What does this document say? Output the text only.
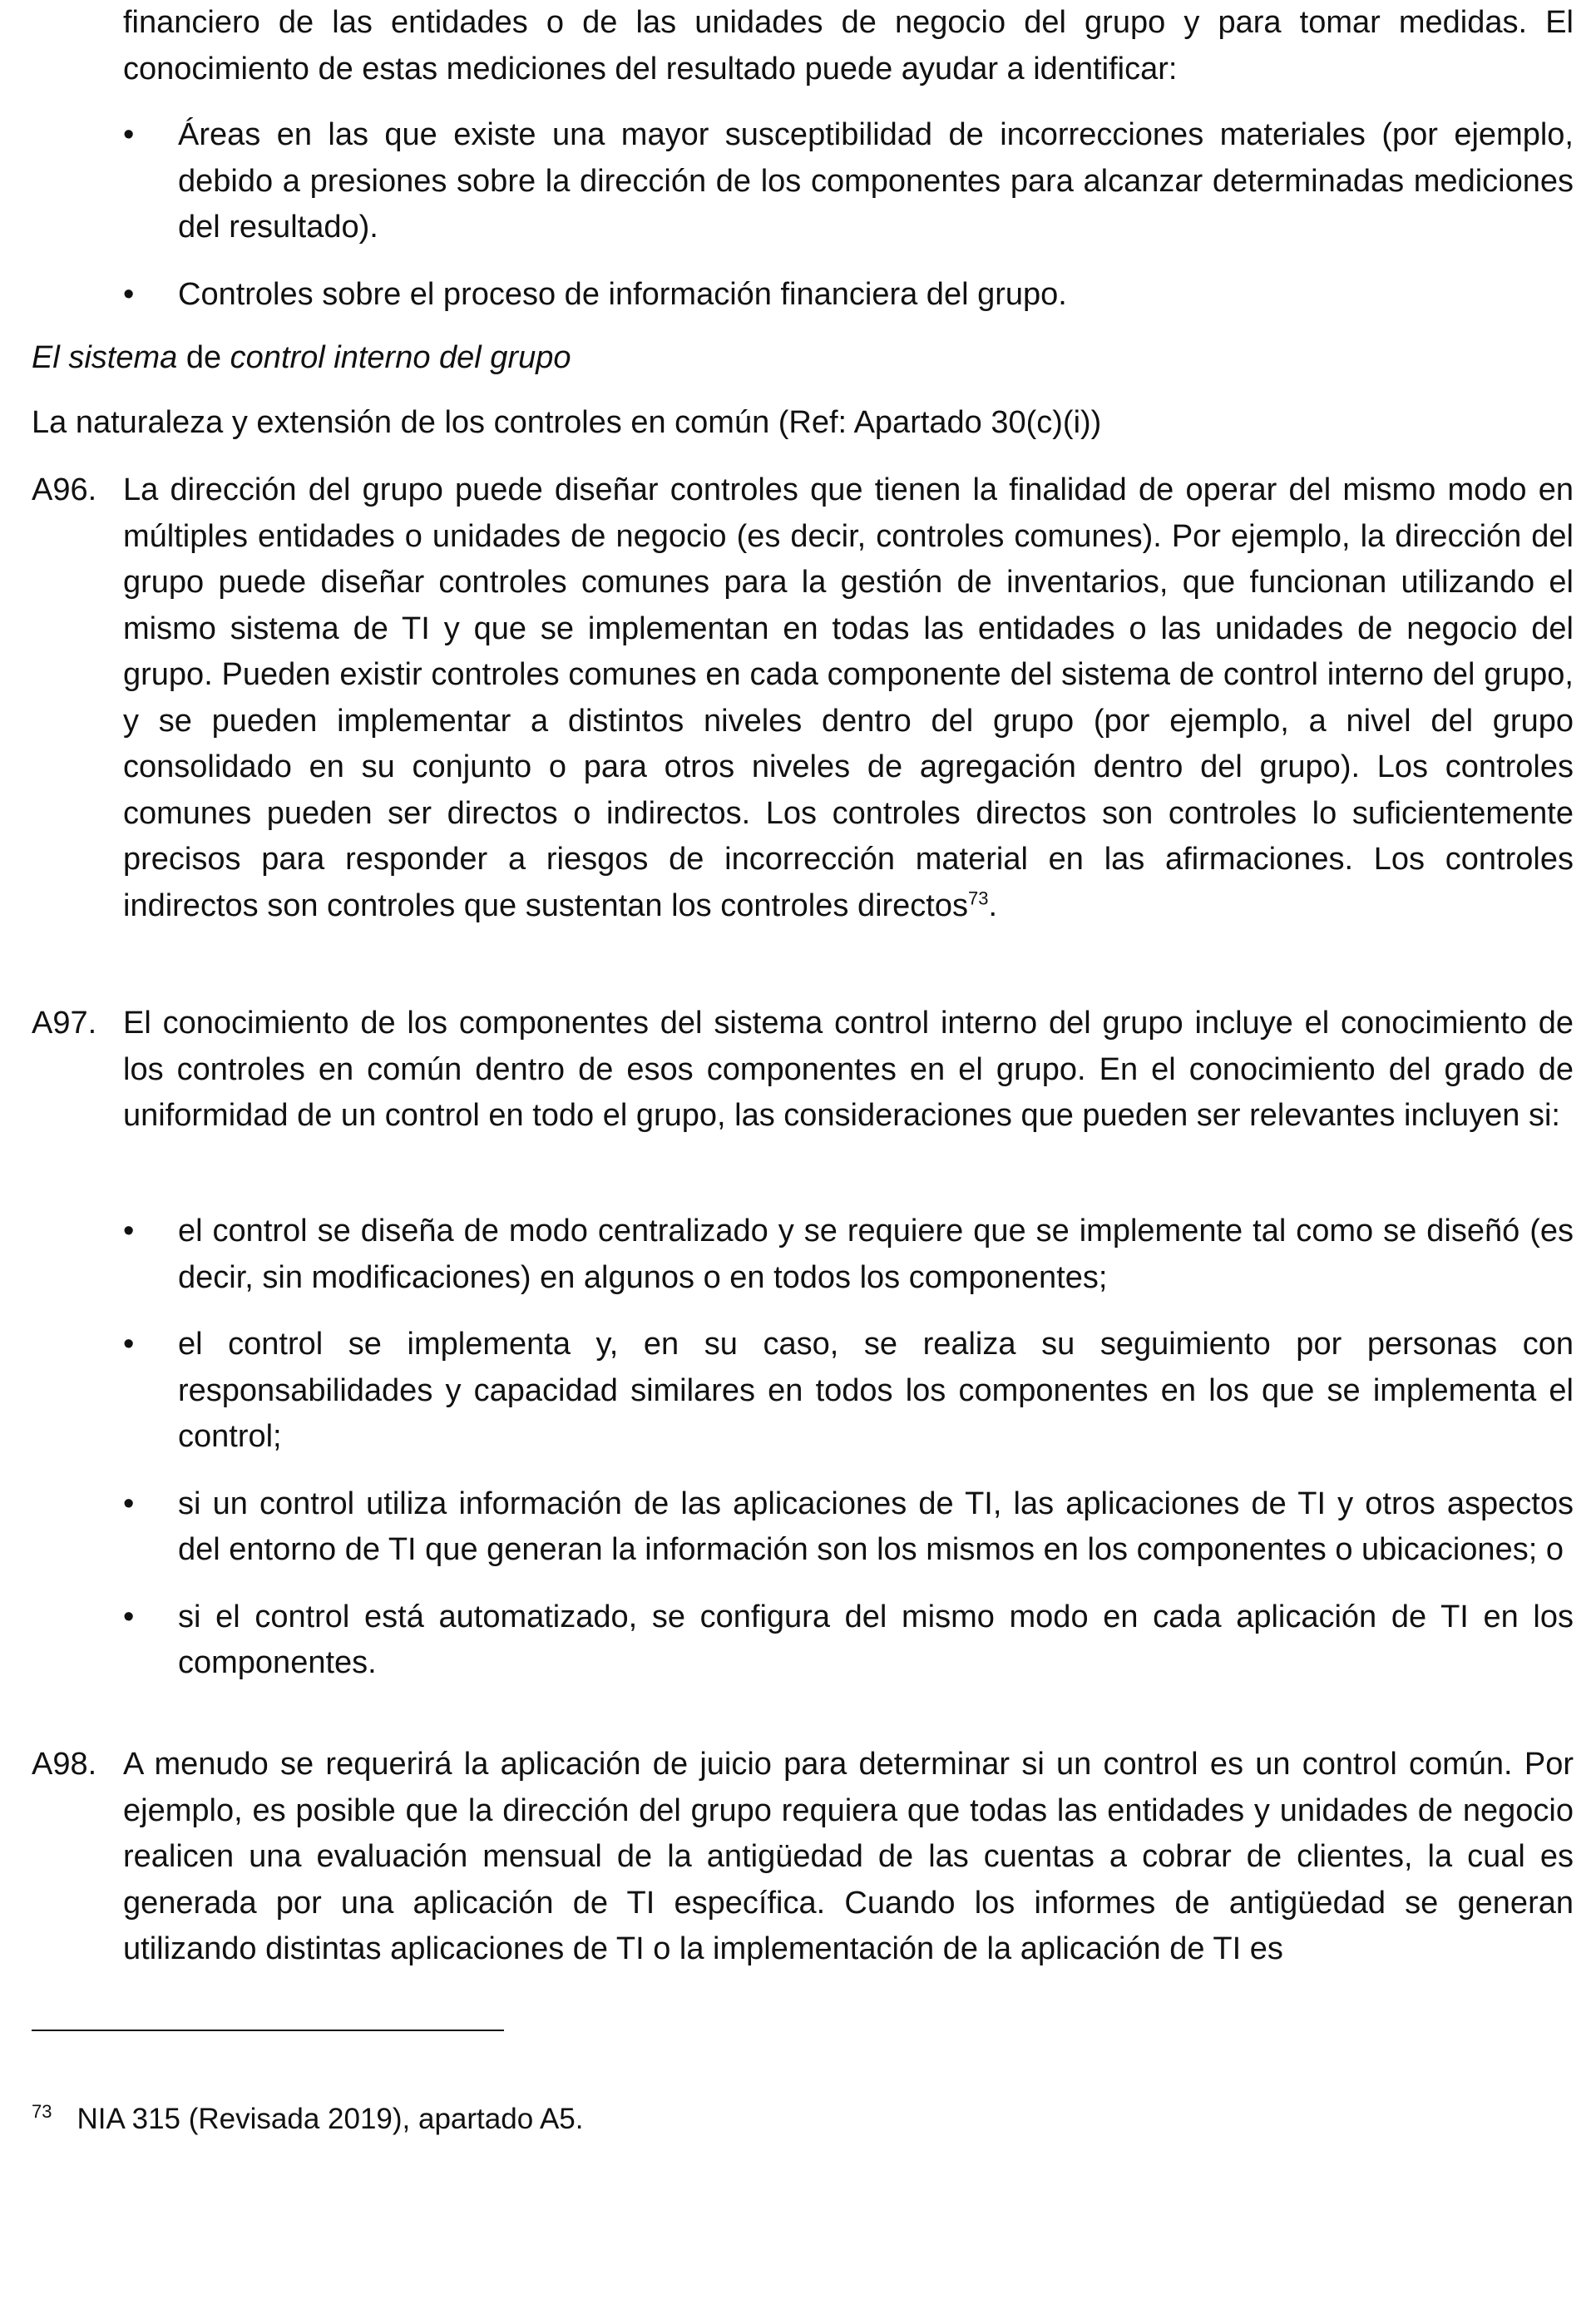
financiero de las entidades o de las unidades de negocio del grupo y para tomar medidas. El conocimiento de estas mediciones del resultado puede ayudar a identificar:
•	Áreas en las que existe una mayor susceptibilidad de incorrecciones materiales (por ejemplo, debido a presiones sobre la dirección de los componentes para alcanzar determinadas mediciones del resultado).
•	Controles sobre el proceso de información financiera del grupo.
El sistema de control interno del grupo
La naturaleza y extensión de los controles en común (Ref: Apartado 30(c)(i))
A96. La dirección del grupo puede diseñar controles que tienen la finalidad de operar del mismo modo en múltiples entidades o unidades de negocio (es decir, controles comunes). Por ejemplo, la dirección del grupo puede diseñar controles comunes para la gestión de inventarios, que funcionan utilizando el mismo sistema de TI y que se implementan en todas las entidades o las unidades de negocio del grupo. Pueden existir controles comunes en cada componente del sistema de control interno del grupo, y se pueden implementar a distintos niveles dentro del grupo (por ejemplo, a nivel del grupo consolidado en su conjunto o para otros niveles de agregación dentro del grupo). Los controles comunes pueden ser directos o indirectos. Los controles directos son controles lo suficientemente precisos para responder a riesgos de incorrección material en las afirmaciones. Los controles indirectos son controles que sustentan los controles directos$^{73}$.
A97. El conocimiento de los componentes del sistema control interno del grupo incluye el conocimiento de los controles en común dentro de esos componentes en el grupo. En el conocimiento del grado de uniformidad de un control en todo el grupo, las consideraciones que pueden ser relevantes incluyen si:
•	el control se diseña de modo centralizado y se requiere que se implemente tal como se diseñó (es decir, sin modificaciones) en algunos o en todos los componentes;
•	el control se implementa y, en su caso, se realiza su seguimiento por personas con responsabilidades y capacidad similares en todos los componentes en los que se implementa el control;
•	si un control utiliza información de las aplicaciones de TI, las aplicaciones de TI y otros aspectos del entorno de TI que generan la información son los mismos en los componentes o ubicaciones; o
•	si el control está automatizado, se configura del mismo modo en cada aplicación de TI en los componentes.
A98. A menudo se requerirá la aplicación de juicio para determinar si un control es un control común. Por ejemplo, es posible que la dirección del grupo requiera que todas las entidades y unidades de negocio realicen una evaluación mensual de la antigüedad de las cuentas a cobrar de clientes, la cual es generada por una aplicación de TI específica. Cuando los informes de antigüedad se generan utilizando distintas aplicaciones de TI o la implementación de la aplicación de TI es
$^{73}$ NIA 315 (Revisada 2019), apartado A5.
